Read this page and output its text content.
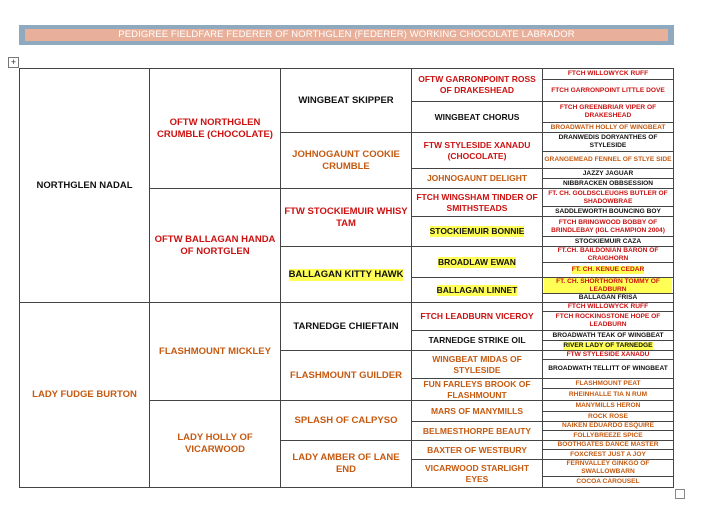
PEDIGREE FIELDFARE FEDERER OF NORTHGLEN (FEDERER) WORKING CHOCOLATE LABRADOR
+
NORTHGLEN NADAL
LADY FUDGE BURTON
OFTW NORTHGLEN CRUMBLE (CHOCOLATE)
OFTW BALLAGAN HANDA OF NORTGLEN
FLASHMOUNT MICKLEY
LADY HOLLY OF VICARWOOD
WINGBEAT SKIPPER
JOHNOGAUNT COOKIE CRUMBLE
FTW STOCKIEMUIR WHISY TAM
BALLAGAN KITTY HAWK
TARNEDGE CHIEFTAIN
FLASHMOUNT GUILDER
SPLASH OF CALPYSO
LADY AMBER OF LANE END
OFTW GARRONPOINT ROSS OF DRAKESHEAD
WINGBEAT CHORUS
FTW STYLESIDE XANADU (CHOCOLATE)
JOHNOGAUNT DELIGHT
FTCH WINGSHAM TINDER OF SMITHSTEADS
STOCKIEMUIR BONNIE
BROADLAW EWAN
BALLAGAN LINNET
FTCH LEADBURN VICEROY
TARNEDGE STRIKE OIL
WINGBEAT MIDAS OF STYLESIDE
FUN FARLEYS BROOK OF FLASHMOUNT
MARS OF MANYMILLS
BELMESTHORPE BEAUTY
BAXTER OF WESTBURY
VICARWOOD STARLIGHT EYES
FTCH WILLOWYCK RUFF
FTCH GARRONPOINT LITTLE DOVE
FTCH GREENBRIAR VIPER OF DRAKESHEAD
BROADWATH HOLLY OF WINGBEAT
DRANWEDIS DORYANTHES OF STYLESIDE
GRANGEMEAD FENNEL OF STLYE SIDE
JAZZY JAGUAR
NIBBRACKEN OBBSESSION
FT. CH. GOLDSCLEUGHS BUTLER OF SHADOWBRAE
SADDLEWORTH BOUNCING BOY
FTCH BRINGWOOD BOBBY OF BRINDLEBAY (IGL CHAMPION 2004)
STOCKIEMUIR CAZA
FT.CH. BAILDONIAN BARON OF CRAIGHORN
FT. CH. KENUE CEDAR
FT. CH. SHORTHORN TOMMY OF LEADBURN
BALLAGAN FRISA
FTCH WILLOWYCK RUFF
FTCH ROCKINGSTONE HOPE OF LEADBURN
BROADWATH TEAK OF WINGBEAT
RIVER LADY OF TARNEDGE
FTW STYLESIDE XANADU
BROADWATH TELLITT OF WINGBEAT
FLASHMOUNT PEAT
RHEINHALLE TIA N RUM
MANYMILLS HERON
ROCK ROSE
NAIKEN EDUARDO ESQUIRE
FOLLYBREEZE SPICE
BOOTHGATES DANCE MASTER
FOXCREST JUST A JOY
FERNVALLEY GINKGO OF SWALLOWBARN
COCOA CAROUSEL
